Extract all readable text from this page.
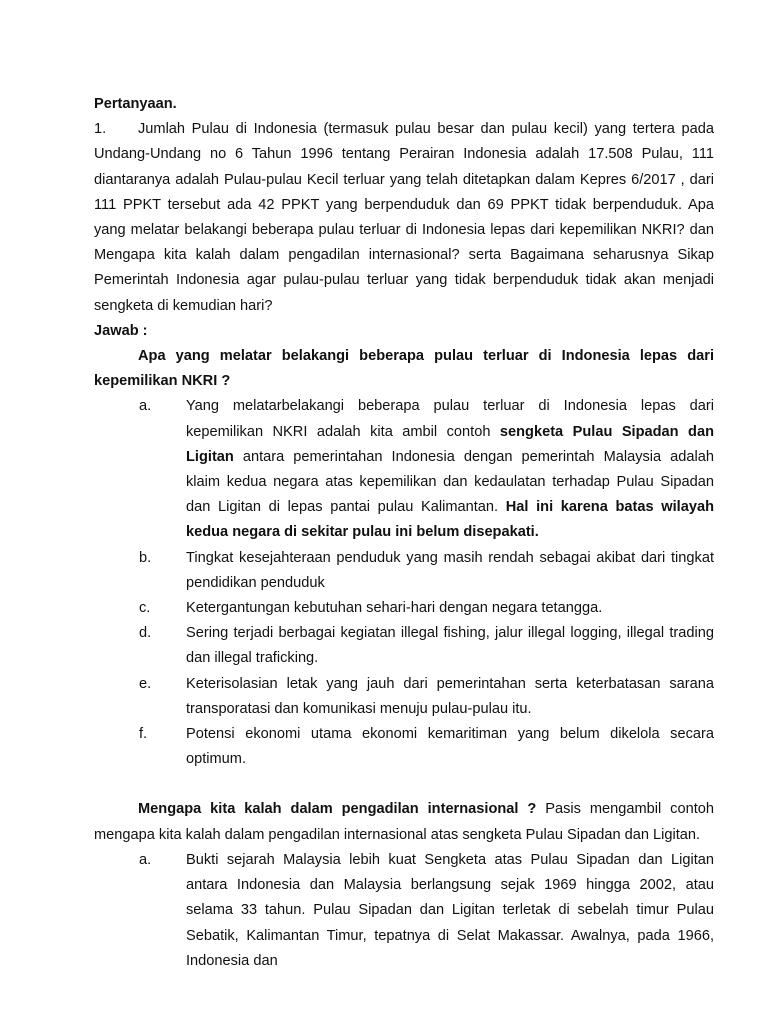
Pertanyaan.

1. Jumlah Pulau di Indonesia (termasuk pulau besar dan pulau kecil) yang tertera pada Undang-Undang no 6 Tahun 1996 tentang Perairan Indonesia adalah 17.508 Pulau, 111 diantaranya adalah Pulau-pulau Kecil terluar yang telah ditetapkan dalam Kepres 6/2017 , dari 111 PPKT tersebut ada 42 PPKT yang berpenduduk dan 69 PPKT tidak berpenduduk. Apa yang melatar belakangi beberapa pulau terluar di Indonesia lepas dari kepemilikan NKRI? dan Mengapa kita kalah dalam pengadilan internasional? serta Bagaimana seharusnya Sikap Pemerintah Indonesia agar pulau-pulau terluar yang tidak berpenduduk tidak akan menjadi sengketa di kemudian hari?

Jawab :

Apa yang melatar belakangi beberapa pulau terluar di Indonesia lepas dari kepemilikan NKRI ?

a.	Yang melatarbelakangi beberapa pulau terluar di Indonesia lepas dari kepemilikan NKRI adalah kita ambil contoh sengketa Pulau Sipadan dan Ligitan antara pemerintahan Indonesia dengan pemerintah Malaysia adalah klaim kedua negara atas kepemilikan dan kedaulatan terhadap Pulau Sipadan dan Ligitan di lepas pantai pulau Kalimantan. Hal ini karena batas wilayah kedua negara di sekitar pulau ini belum disepakati.
b.	Tingkat kesejahteraan penduduk yang masih rendah sebagai akibat dari tingkat pendidikan penduduk
c.	Ketergantungan kebutuhan sehari-hari dengan negara tetangga.
d.	Sering terjadi berbagai kegiatan illegal fishing, jalur illegal logging, illegal trading dan illegal traficking.
e.	Keterisolasian letak yang jauh dari pemerintahan serta keterbatasan sarana transporatasi dan komunikasi menuju pulau-pulau itu.
f.	Potensi ekonomi utama ekonomi kemaritiman yang belum dikelola secara optimum.

Mengapa kita kalah dalam pengadilan internasional ? Pasis mengambil contoh mengapa kita kalah dalam pengadilan internasional atas sengketa Pulau Sipadan dan Ligitan.

a.	Bukti sejarah Malaysia lebih kuat Sengketa atas Pulau Sipadan dan Ligitan antara Indonesia dan Malaysia berlangsung sejak 1969 hingga 2002, atau selama 33 tahun. Pulau Sipadan dan Ligitan terletak di sebelah timur Pulau Sebatik, Kalimantan Timur, tepatnya di Selat Makassar. Awalnya, pada 1966, Indonesia dan
